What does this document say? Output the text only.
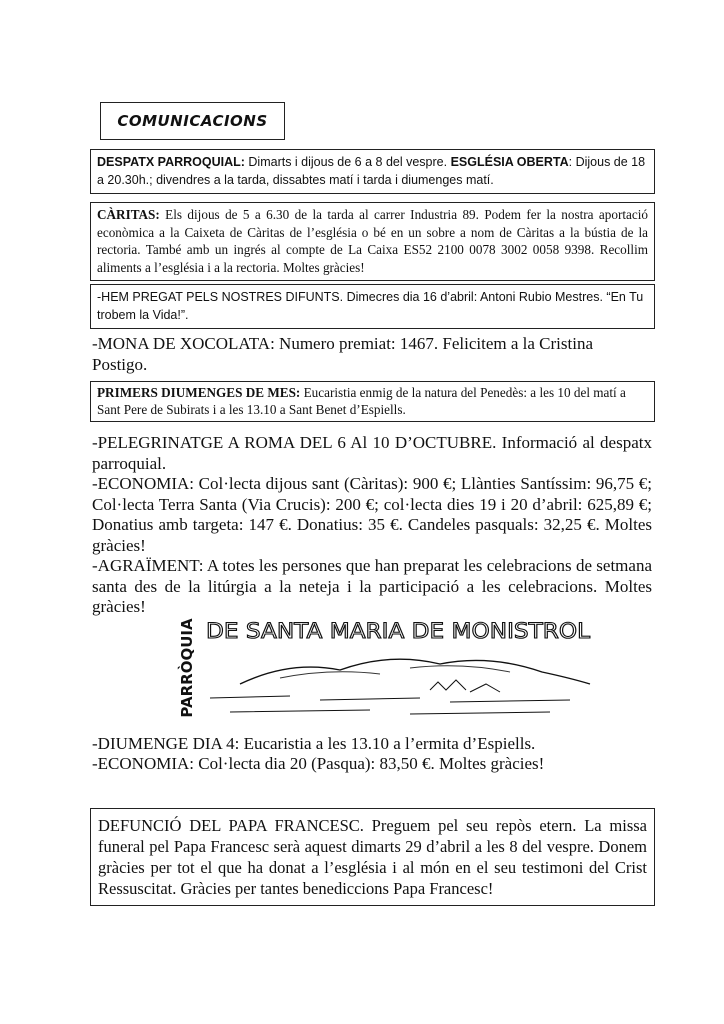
COMUNICACIONS
DESPATX PARROQUIAL: Dimarts i dijous de 6 a 8 del vespre. ESGLÉSIA OBERTA: Dijous de 18 a 20.30h.; divendres a la tarda, dissabtes matí i tarda i diumenges matí.
CÀRITAS: Els dijous de 5 a 6.30 de la tarda al carrer Industria 89. Podem fer la nostra aportació econòmica a la Caixeta de Càritas de l’església o bé en un sobre a nom de Càritas a la bústia de la rectoria. També amb un ingrés al compte de La Caixa ES52 2100 0078 3002 0058 9398. Recollim aliments a l’església i a la rectoria. Moltes gràcies!
-HEM PREGAT PELS NOSTRES DIFUNTS. Dimecres dia 16 d’abril: Antoni Rubio Mestres. “En Tu trobem la Vida!”.
-MONA DE XOCOLATA: Numero premiat: 1467. Felicitem a la Cristina Postigo.
PRIMERS DIUMENGES DE MES: Eucaristia enmig de la natura del Penedès: a les 10 del matí a Sant Pere de Subirats i a les 13.10 a Sant Benet d’Espiells.

-PELEGRINATGE A ROMA DEL 6 Al 10 D’OCTUBRE. Informació al despatx parroquial.

-ECONOMIA: Col·lecta dijous sant (Càritas): 900 €; Llànties Santíssim: 96,75 €; Col·lecta Terra Santa (Via Crucis): 200 €; col·lecta dies 19 i 20 d’abril: 625,89 €; Donatius amb targeta: 147 €. Donatius: 35 €. Candeles pasquals: 32,25 €. Moltes gràcies!

-AGRAÏMENT: A totes les persones que han preparat les celebracions de setmana santa des de la litúrgia a la neteja i la participació a les celebracions. Moltes gràcies!

PARRÒQUIA DE SANTA MARIA DE MONISTROL

-DIUMENGE DIA 4: Eucaristia a les 13.10 a l’ermita d’Espiells.

-ECONOMIA: Col·lecta dia 20 (Pasqua): 83,50 €. Moltes gràcies!

DEFUNCIÓ DEL PAPA FRANCESC. Preguem pel seu repòs etern. La missa funeral pel Papa Francesc serà aquest dimarts 29 d’abril a les 8 del vespre. Donem gràcies per tot el que ha donat a l’església i al món en el seu testimoni del Crist Ressuscitat. Gràcies per tantes benediccions Papa Francesc!
